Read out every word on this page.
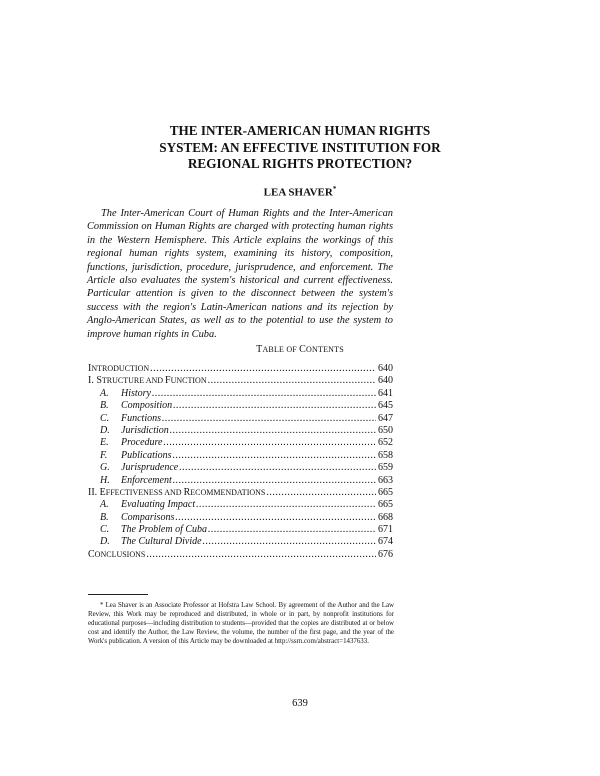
THE INTER-AMERICAN HUMAN RIGHTS
SYSTEM: AN EFFECTIVE INSTITUTION FOR
REGIONAL RIGHTS PROTECTION?
LEA SHAVER*

The Inter-American Court of Human Rights and the Inter-American Commission on Human Rights are charged with protecting human rights in the Western Hemisphere. This Article explains the workings of this regional human rights system, examining its history, composition, functions, jurisdiction, procedure, jurisprudence, and enforcement. The Article also evaluates the system's historical and current effectiveness. Particular attention is given to the disconnect between the system's success with the region's Latin-American nations and its rejection by Anglo-American States, as well as to the potential to use the system to improve human rights in Cuba.

TABLE OF CONTENTS
INTRODUCTION .....	640
I. STRUCTURE AND FUNCTION .....	640
A.	History .....	641
B.	Composition .....	645
C.	Functions .....	647
D.	Jurisdiction .....	650
E.	Procedure .....	652
F.	Publications .....	658
G.	Jurisprudence .....	659
H.	Enforcement .....	663
II. EFFECTIVENESS AND RECOMMENDATIONS .....	665
A.	Evaluating Impact .....	665
B.	Comparisons .....	668
C.	The Problem of Cuba .....	671
D.	The Cultural Divide .....	674
CONCLUSIONS .....	676

* Lea Shaver is an Associate Professor at Hofstra Law School. By agreement of the Author and the Law Review, this Work may be reproduced and distributed, in whole or in part, by nonprofit institutions for educational purposes—including distribution to students—provided that the copies are distributed at or below cost and identify the Author, the Law Review, the volume, the number of the first page, and the year of the Work's publication. A version of this Article may be downloaded at http://ssrn.com/abstract=1437633.

639
